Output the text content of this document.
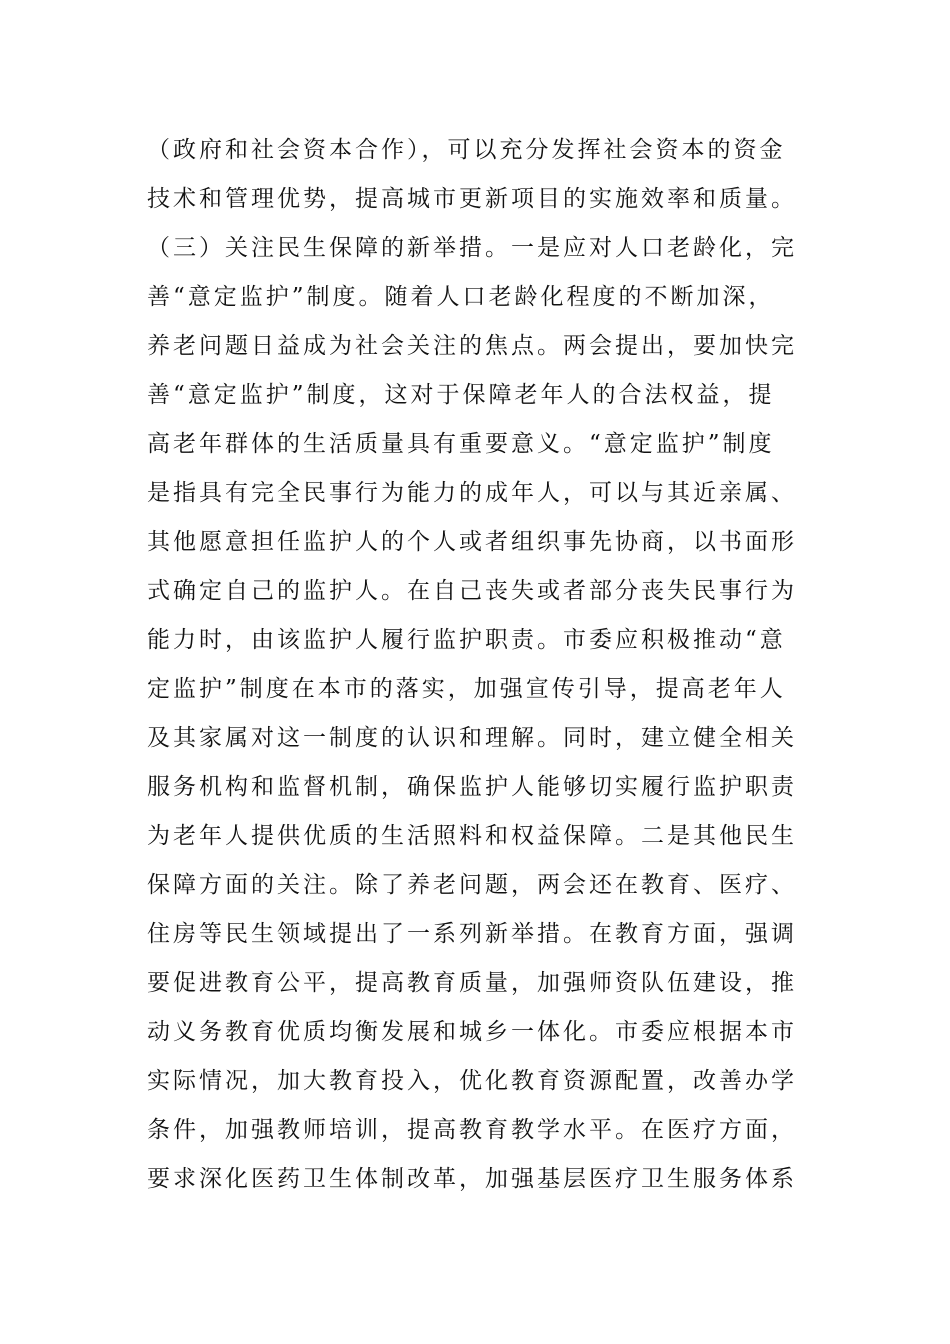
（政府和社会资本合作），可以充分发挥社会资本的资金
技术和管理优势，提高城市更新项目的实施效率和质量。
（三）关注民生保障的新举措。一是应对人口老龄化，完
善“意定监护”制度。随着人口老龄化程度的不断加深，
养老问题日益成为社会关注的焦点。两会提出，要加快完
善“意定监护”制度，这对于保障老年人的合法权益，提
高老年群体的生活质量具有重要意义。“意定监护”制度
是指具有完全民事行为能力的成年人，可以与其近亲属、
其他愿意担任监护人的个人或者组织事先协商，以书面形
式确定自己的监护人。在自己丧失或者部分丧失民事行为
能力时，由该监护人履行监护职责。市委应积极推动“意
定监护”制度在本市的落实，加强宣传引导，提高老年人
及其家属对这一制度的认识和理解。同时，建立健全相关
服务机构和监督机制，确保监护人能够切实履行监护职责
为老年人提供优质的生活照料和权益保障。二是其他民生
保障方面的关注。除了养老问题，两会还在教育、医疗、
住房等民生领域提出了一系列新举措。在教育方面，强调
要促进教育公平，提高教育质量，加强师资队伍建设，推
动义务教育优质均衡发展和城乡一体化。市委应根据本市
实际情况，加大教育投入，优化教育资源配置，改善办学
条件，加强教师培训，提高教育教学水平。在医疗方面，
要求深化医药卫生体制改革，加强基层医疗卫生服务体系
